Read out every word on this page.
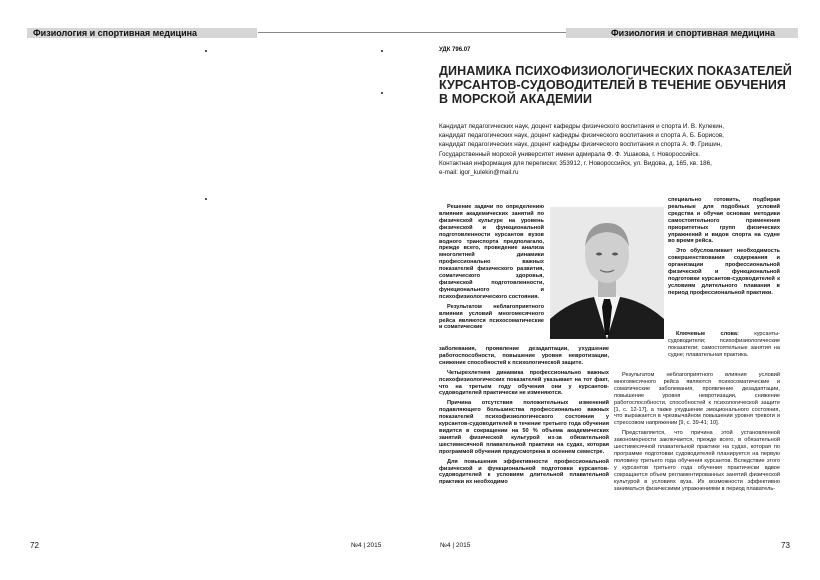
Физиология и спортивная медицина	Физиология и спортивная медицина
УДК 796.07
ДИНАМИКА ПСИХОФИЗИОЛОГИЧЕСКИХ ПОКАЗАТЕЛЕЙ
КУРСАНТОВ-СУДОВОДИТЕЛЕЙ В ТЕЧЕНИЕ ОБУЧЕНИЯ
В МОРСКОЙ АКАДЕМИИ
Кандидат педагогических наук, доцент кафедры физического воспитания и спорта И. В. Кулекин,
кандидат педагогических наук, доцент кафедры физического воспитания и спорта А. Б. Борисов,
кандидат педагогических наук, доцент кафедры физического воспитания и спорта А. Ф. Гришин,
Государственный морской университет имени адмирала Ф. Ф. Ушакова, г. Новороссийск.
Контактная информация для переписки: 353912, г. Новороссийск, ул. Видова, д. 165, кв. 186,
e-mail: igor_kulekin@mail.ru

Решение задачи по определению влияния академических занятий по физической культуре на уровень физической и функциональной подготовленности курсантов вузов водного транспорта предполагало, прежде всего, проведение анализа многолетней динамики профессионально важных показателей физического развития, соматического здоровья, физической подготовленности, функционального и психофизиологического состояния.

Результатом неблагоприятного влияния условий многомесячного рейса являются психосоматические и соматические

специально готовить, подбирая реальные для подобных условий средства и обучая основам методики самостоятельного применения приоритетных групп физических упражнений и видов спорта на судне во время рейса.

Это обусловливает необходимость совершенствования содержания и организации профессиональной физической и функциональной подготовки курсантов-судоводителей к условиям длительного плавания в период профессиональной практики.

Ключевые слова:	курсанты-судоводители; психофизиологические показатели; самостоятельные занятия на судне; плавательная практика.

заболевания, проявление дезадаптации, ухудшение работоспособности, повышение уровня невротизации, снижение способностей к психологической защите.

Четырехлетняя динамика профессионально важных психофизиологических показателей указывает на тот факт, что на третьем году обучения они у курсантов-судоводителей практически не изменяются.

Причина отсутствия положительных изменений подавляющего большинства профессионально важных показателей психофизиологического состояния у курсантов-судоводителей в течение третьего года обучения видится в сокращении на 50 % объема академических занятий физической культурой из-за обязательной шестимесячной плавательной практики на судах, которая программой обучения предусмотрена в осеннем семестре.

Для повышения эффективности профессиональной физической и функциональной подготовки курсантов-судоводителей к условиям длительной плавательной практики их необходимо

Результатом неблагоприятного влияния условий многомесячного рейса являются психосоматические и соматические заболевания, проявление дезадаптации, повышение уровня невротизации, снижение работоспособности, способностей к психологической защите [1, с. 12-17], а также ухудшение эмоционального состояния, что выражается в чрезвычайном повышении уровня тревоги и стрессовом напряжении [9, с. 39-41; 10].

Представляется, что причина этой установленной закономерности заключается, прежде всего, в обязательной шестимесячной плавательной практике на судах, которая по программе подготовки судоводителей планируется на первую половину третьего года обучения курсантов. Вследствие этого у курсантов третьего года обучения практически вдвое сокращается объем регламентированных занятий физической культурой в условиях вуза. Их возможности эффективно заниматься физическими упражнениями в период плаватель-

72	№4 | 2015	№4 | 2015	73
